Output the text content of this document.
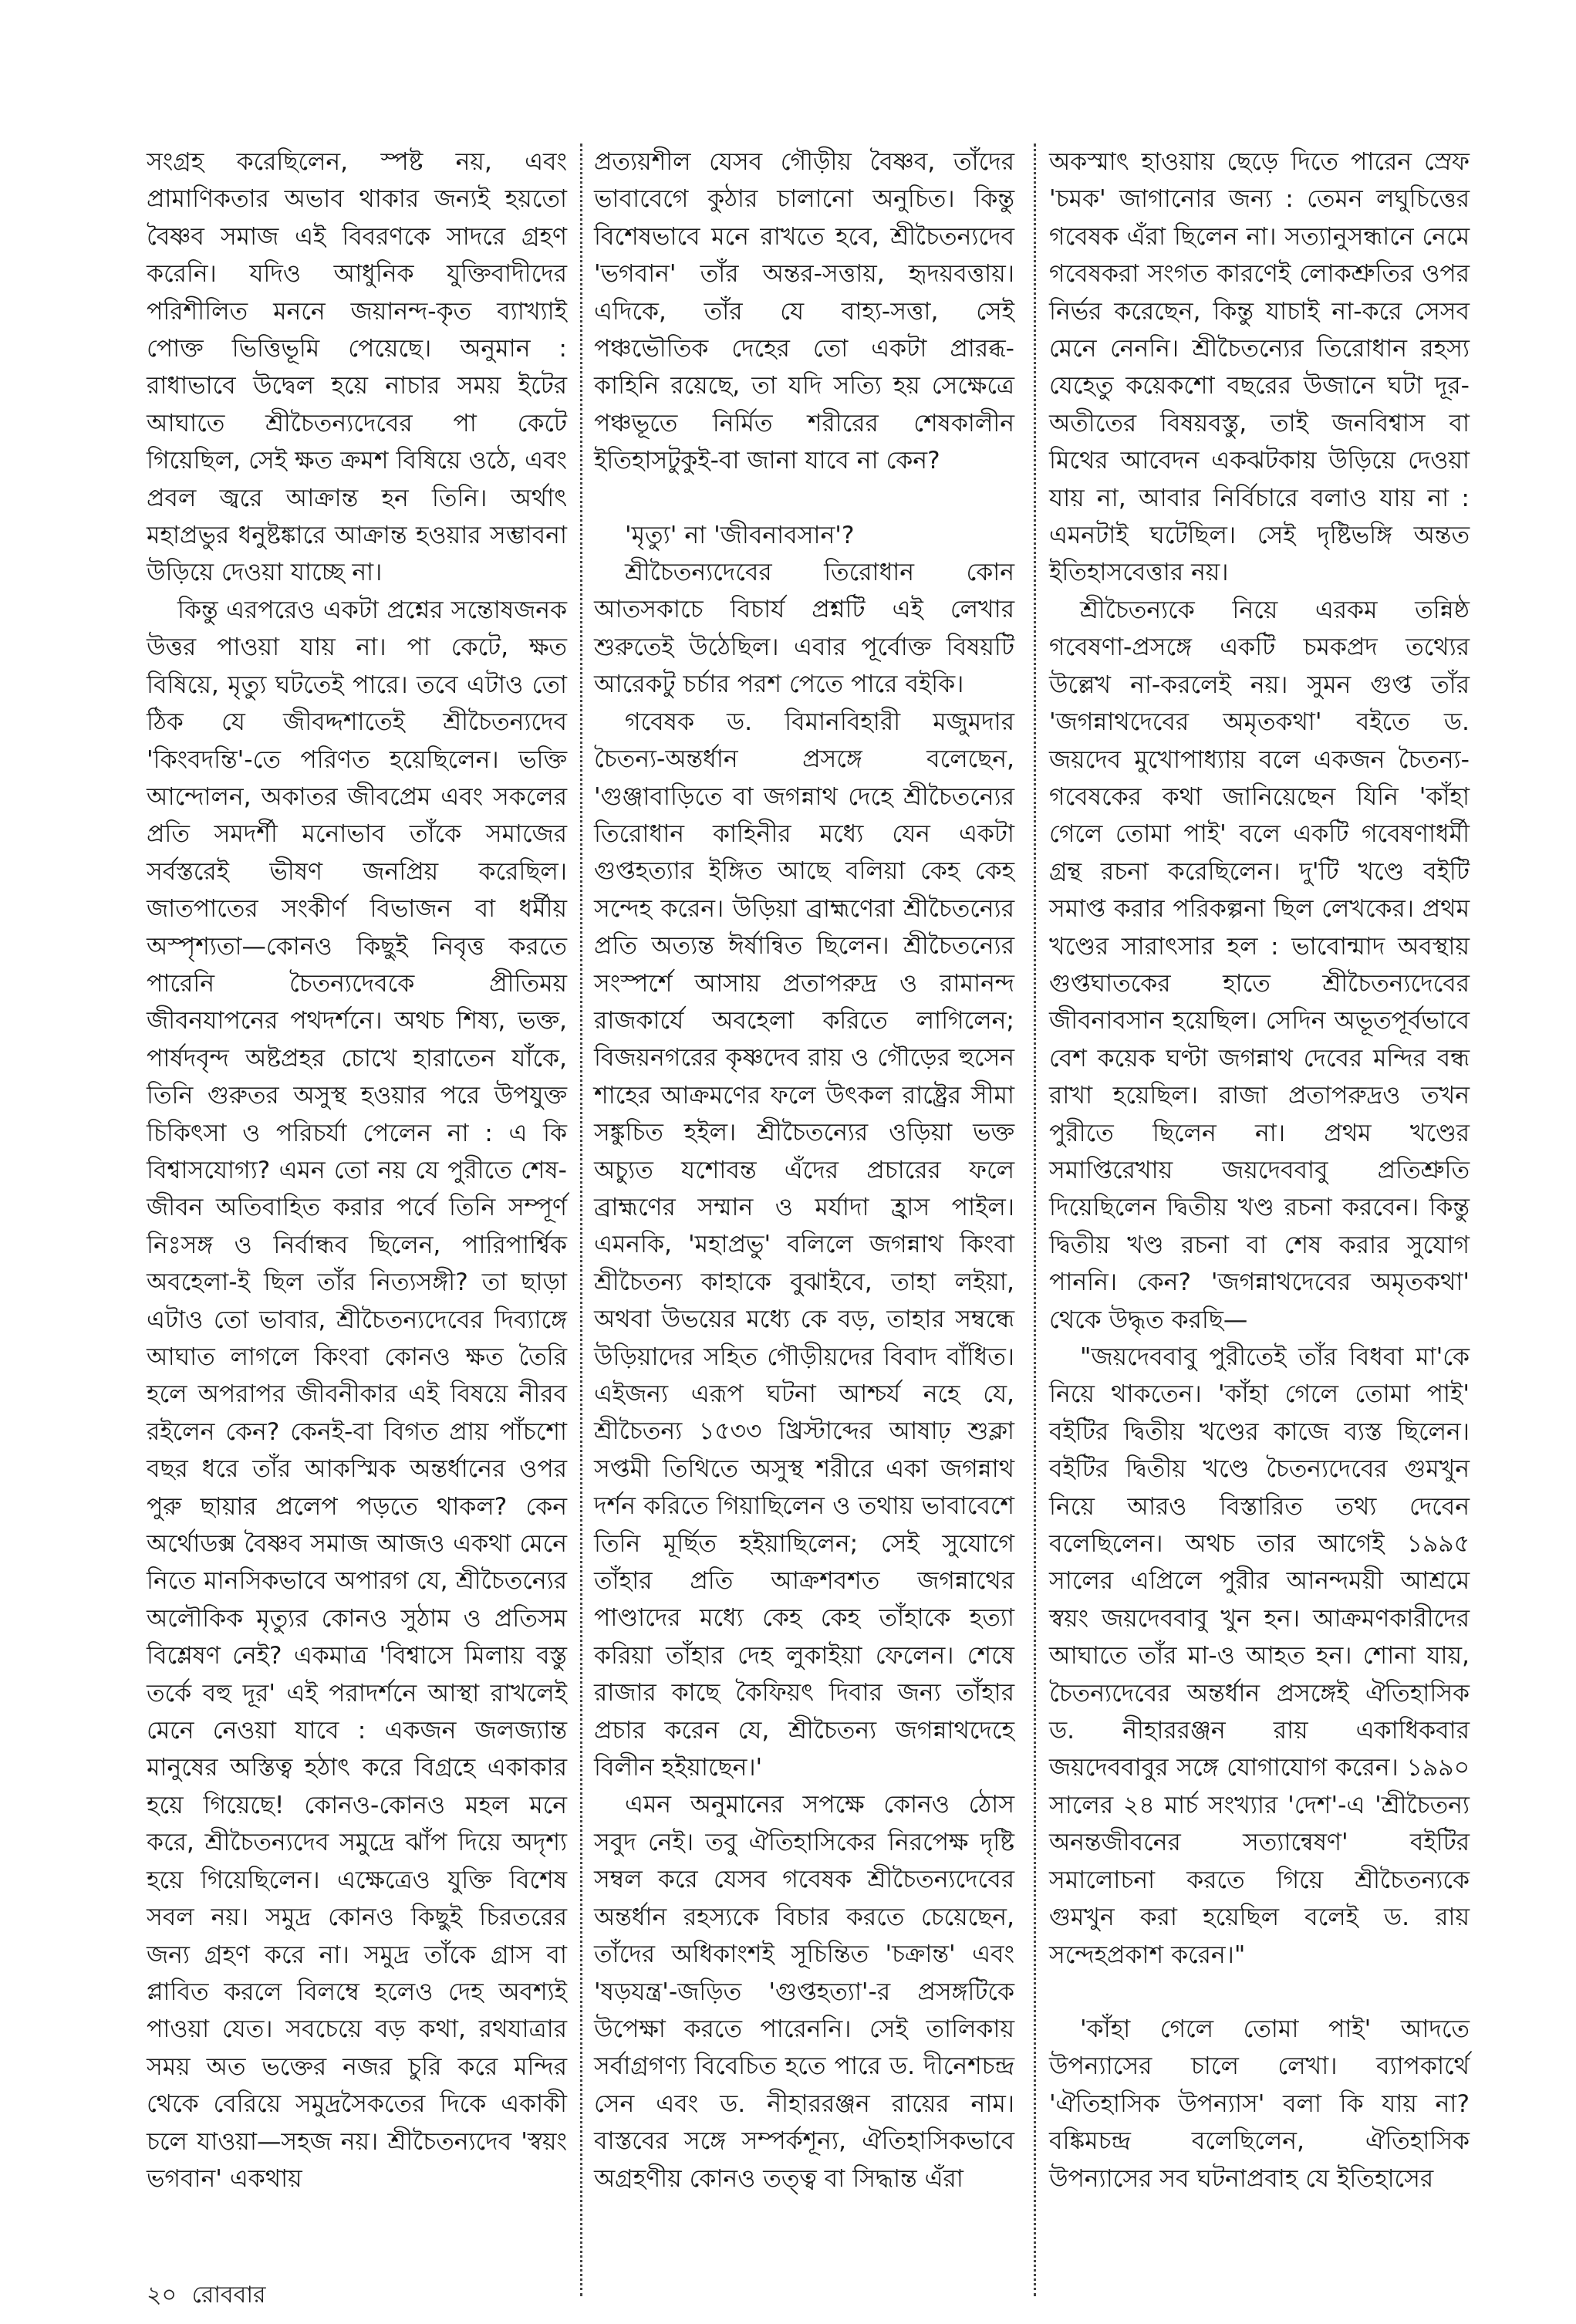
সংগ্রহ করেছিলেন, স্পষ্ট নয়, এবং প্রামাণিকতার অভাব থাকার জন্যই হয়তো বৈষ্ণব সমাজ এই বিবরণকে সাদরে গ্রহণ করেনি। যদিও আধুনিক যুক্তিবাদীদের পরিশীলিত মননে জয়ানন্দ-কৃত ব্যাখ্যাই পোক্ত ভিত্তিভূমি পেয়েছে। অনুমান : রাধাভাবে উদ্বেল হয়ে নাচার সময় ইটের আঘাতে শ্রীচৈতন্যদেবের পা কেটে গিয়েছিল, সেই ক্ষত ক্রমশ বিষিয়ে ওঠে, এবং প্রবল জ্বরে আক্রান্ত হন তিনি। অর্থাৎ মহাপ্রভুর ধনুষ্টঙ্কারে আক্রান্ত হওয়ার সম্ভাবনা উড়িয়ে দেওয়া যাচ্ছে না।

কিন্তু এরপরেও একটা প্রশ্নের সন্তোষজনক উত্তর পাওয়া যায় না। পা কেটে, ক্ষত বিষিয়ে, মৃত্যু ঘটতেই পারে। তবে এটাও তো ঠিক যে জীবদ্দশাতেই শ্রীচৈতন্যদেব 'কিংবদন্তি'-তে পরিণত হয়েছিলেন। ভক্তি আন্দোলন, অকাতর জীবপ্রেম এবং সকলের প্রতি সমদর্শী মনোভাব তাঁকে সমাজের সর্বস্তরেই ভীষণ জনপ্রিয় করেছিল। জাতপাতের সংকীর্ণ বিভাজন বা ধর্মীয় অস্পৃশ্যতা—কোনও কিছুই নিবৃত্ত করতে পারেনি চৈতন্যদেবকে প্রীতিময় জীবনযাপনের পথদর্শনে। অথচ শিষ্য, ভক্ত, পার্ষদবৃন্দ অষ্টপ্রহর চোখে হারাতেন যাঁকে, তিনি গুরুতর অসুস্থ হওয়ার পরে উপযুক্ত চিকিৎসা ও পরিচর্যা পেলেন না : এ কি বিশ্বাসযোগ্য? এমন তো নয় যে পুরীতে শেষ-জীবন অতিবাহিত করার পর্বে তিনি সম্পূর্ণ নিঃসঙ্গ ও নির্বান্ধব ছিলেন, পারিপার্শ্বিক অবহেলা-ই ছিল তাঁর নিত্যসঙ্গী? তা ছাড়া এটাও তো ভাবার, শ্রীচৈতন্যদেবের দিব্যাঙ্গে আঘাত লাগলে কিংবা কোনও ক্ষত তৈরি হলে অপরাপর জীবনীকার এই বিষয়ে নীরব রইলেন কেন? কেনই-বা বিগত প্রায় পাঁচশো বছর ধরে তাঁর আকস্মিক অন্তর্ধানের ওপর পুরু ছায়ার প্রলেপ পড়তে থাকল? কেন অর্থোডক্স বৈষ্ণব সমাজ আজও একথা মেনে নিতে মানসিকভাবে অপারগ যে, শ্রীচৈতন্যের অলৌকিক মৃত্যুর কোনও সুঠাম ও প্রতিসম বিশ্লেষণ নেই? একমাত্র 'বিশ্বাসে মিলায় বস্তু তর্কে বহু দূর' এই পরাদর্শনে আস্থা রাখলেই মেনে নেওয়া যাবে : একজন জলজ্যান্ত মানুষের অস্তিত্ব হঠাৎ করে বিগ্রহে একাকার হয়ে গিয়েছে! কোনও-কোনও মহল মনে করে, শ্রীচৈতন্যদেব সমুদ্রে ঝাঁপ দিয়ে অদৃশ্য হয়ে গিয়েছিলেন। এক্ষেত্রেও যুক্তি বিশেষ সবল নয়। সমুদ্র কোনও কিছুই চিরতরের জন্য গ্রহণ করে না। সমুদ্র তাঁকে গ্রাস বা প্লাবিত করলে বিলম্বে হলেও দেহ অবশ্যই পাওয়া যেত। সবচেয়ে বড় কথা, রথযাত্রার সময় অত ভক্তের নজর চুরি করে মন্দির থেকে বেরিয়ে সমুদ্রসৈকতের দিকে একাকী চলে যাওয়া—সহজ নয়। শ্রীচৈতন্যদেব 'স্বয়ং ভগবান' একথায়

প্রত্যয়শীল যেসব গৌড়ীয় বৈষ্ণব, তাঁদের ভাবাবেগে কুঠার চালানো অনুচিত। কিন্তু বিশেষভাবে মনে রাখতে হবে, শ্রীচৈতন্যদেব 'ভগবান' তাঁর অন্তর-সত্তায়, হৃদয়বত্তায়। এদিকে, তাঁর যে বাহ্য-সত্তা, সেই পঞ্চভৌতিক দেহের তো একটা প্রারব্ধ-কাহিনি রয়েছে, তা যদি সত্যি হয় সেক্ষেত্রে পঞ্চভূতে নির্মিত শরীরের শেষকালীন ইতিহাসটুকুই-বা জানা যাবে না কেন?

'মৃত্যু' না 'জীবনাবসান'?

শ্রীচৈতন্যদেবের তিরোধান কোন আতসকাচে বিচার্য প্রশ্নটি এই লেখার শুরুতেই উঠেছিল। এবার পূর্বোক্ত বিষয়টি আরেকটু চর্চার পরশ পেতে পারে বইকি।

গবেষক ড. বিমানবিহারী মজুমদার চৈতন্য-অন্তর্ধান প্রসঙ্গে বলেছেন, 'গুঞ্জাবাড়িতে বা জগন্নাথ দেহে শ্রীচৈতন্যের তিরোধান কাহিনীর মধ্যে যেন একটা গুপ্তহত্যার ইঙ্গিত আছে বলিয়া কেহ কেহ সন্দেহ করেন। উড়িয়া ব্রাহ্মণেরা শ্রীচৈতন্যের প্রতি অত্যন্ত ঈর্ষান্বিত ছিলেন। শ্রীচৈতন্যের সংস্পর্শে আসায় প্রতাপরুদ্র ও রামানন্দ রাজকার্যে অবহেলা করিতে লাগিলেন; বিজয়নগরের কৃষ্ণদেব রায় ও গৌড়ের হুসেন শাহের আক্রমণের ফলে উৎকল রাষ্ট্রের সীমা সঙ্কুচিত হইল। শ্রীচৈতন্যের ওড়িয়া ভক্ত অচ্যুত যশোবন্ত এঁদের প্রচারের ফলে ব্রাহ্মণের সম্মান ও মর্যাদা হ্রাস পাইল। এমনকি, 'মহাপ্রভু' বলিলে জগন্নাথ কিংবা শ্রীচৈতন্য কাহাকে বুঝাইবে, তাহা লইয়া, অথবা উভয়ের মধ্যে কে বড়, তাহার সম্বন্ধে উড়িয়াদের সহিত গৌড়ীয়দের বিবাদ বাঁধিত। এইজন্য এরূপ ঘটনা আশ্চর্য নহে যে, শ্রীচৈতন্য ১৫৩৩ খ্রিস্টাব্দের আষাঢ় শুক্লা সপ্তমী তিথিতে অসুস্থ শরীরে একা জগন্নাথ দর্শন করিতে গিয়াছিলেন ও তথায় ভাবাবেশে তিনি মূর্ছিত হইয়াছিলেন; সেই সুযোগে তাঁহার প্রতি আক্রশবশত জগন্নাথের পাণ্ডাদের মধ্যে কেহ কেহ তাঁহাকে হত্যা করিয়া তাঁহার দেহ লুকাইয়া ফেলেন। শেষে রাজার কাছে কৈফিয়ৎ দিবার জন্য তাঁহার প্রচার করেন যে, শ্রীচৈতন্য জগন্নাথদেহে বিলীন হইয়াছেন।'

এমন অনুমানের সপক্ষে কোনও ঠোস সবুদ নেই। তবু ঐতিহাসিকের নিরপেক্ষ দৃষ্টি সম্বল করে যেসব গবেষক শ্রীচৈতন্যদেবের অন্তর্ধান রহস্যকে বিচার করতে চেয়েছেন, তাঁদের অধিকাংশই সূচিন্তিত 'চক্রান্ত' এবং 'ষড়যন্ত্র'-জড়িত 'গুপ্তহত্যা'-র প্রসঙ্গটিকে উপেক্ষা করতে পারেননি। সেই তালিকায় সর্বাগ্রগণ্য বিবেচিত হতে পারে ড. দীনেশচন্দ্র সেন এবং ড. নীহাররঞ্জন রায়ের নাম। বাস্তবের সঙ্গে সম্পর্কশূন্য, ঐতিহাসিকভাবে অগ্রহণীয় কোনও তত্ত্ব বা সিদ্ধান্ত এঁরা

অকস্মাৎ হাওয়ায় ছেড়ে দিতে পারেন স্রেফ 'চমক' জাগানোর জন্য : তেমন লঘুচিত্তের গবেষক এঁরা ছিলেন না। সত্যানুসন্ধানে নেমে গবেষকরা সংগত কারণেই লোকশ্রুতির ওপর নির্ভর করেছেন, কিন্তু যাচাই না-করে সেসব মেনে নেননি। শ্রীচৈতন্যের তিরোধান রহস্য যেহেতু কয়েকশো বছরের উজানে ঘটা দূর-অতীতের বিষয়বস্তু, তাই জনবিশ্বাস বা মিথের আবেদন একঝটকায় উড়িয়ে দেওয়া যায় না, আবার নির্বিচারে বলাও যায় না : এমনটাই ঘটেছিল। সেই দৃষ্টিভঙ্গি অন্তত ইতিহাসবেত্তার নয়।

শ্রীচৈতন্যকে নিয়ে এরকম তন্নিষ্ঠ গবেষণা-প্রসঙ্গে একটি চমকপ্রদ তথ্যের উল্লেখ না-করলেই নয়। সুমন গুপ্ত তাঁর 'জগন্নাথদেবের অমৃতকথা' বইতে ড. জয়দেব মুখোপাধ্যায় বলে একজন চৈতন্য-গবেষকের কথা জানিয়েছেন যিনি 'কাঁহা গেলে তোমা পাই' বলে একটি গবেষণাধর্মী গ্রন্থ রচনা করেছিলেন। দু'টি খণ্ডে বইটি সমাপ্ত করার পরিকল্পনা ছিল লেখকের। প্রথম খণ্ডের সারাৎসার হল : ভাবোন্মাদ অবস্থায় গুপ্তঘাতকের হাতে শ্রীচৈতন্যদেবের জীবনাবসান হয়েছিল। সেদিন অভূতপূর্বভাবে বেশ কয়েক ঘণ্টা জগন্নাথ দেবের মন্দির বন্ধ রাখা হয়েছিল। রাজা প্রতাপরুদ্রও তখন পুরীতে ছিলেন না। প্রথম খণ্ডের সমাপ্তিরেখায় জয়দেববাবু প্রতিশ্রুতি দিয়েছিলেন দ্বিতীয় খণ্ড রচনা করবেন। কিন্তু দ্বিতীয় খণ্ড রচনা বা শেষ করার সুযোগ পাননি। কেন? 'জগন্নাথদেবের অমৃতকথা' থেকে উদ্ধৃত করছি—

"জয়দেববাবু পুরীতেই তাঁর বিধবা মা'কে নিয়ে থাকতেন। 'কাঁহা গেলে তোমা পাই' বইটির দ্বিতীয় খণ্ডের কাজে ব্যস্ত ছিলেন। বইটির দ্বিতীয় খণ্ডে চৈতন্যদেবের গুমখুন নিয়ে আরও বিস্তারিত তথ্য দেবেন বলেছিলেন। অথচ তার আগেই ১৯৯৫ সালের এপ্রিলে পুরীর আনন্দময়ী আশ্রমে স্বয়ং জয়দেববাবু খুন হন। আক্রমণকারীদের আঘাতে তাঁর মা-ও আহত হন। শোনা যায়, চৈতন্যদেবের অন্তর্ধান প্রসঙ্গেই ঐতিহাসিক ড. নীহাররঞ্জন রায় একাধিকবার জয়দেববাবুর সঙ্গে যোগাযোগ করেন। ১৯৯০ সালের ২৪ মার্চ সংখ্যার 'দেশ'-এ 'শ্রীচৈতন্য অনন্তজীবনের সত্যান্বেষণ' বইটির সমালোচনা করতে গিয়ে শ্রীচৈতন্যকে গুমখুন করা হয়েছিল বলেই ড. রায় সন্দেহপ্রকাশ করেন।"

'কাঁহা গেলে তোমা পাই' আদতে উপন্যাসের চালে লেখা। ব্যাপকার্থে 'ঐতিহাসিক উপন্যাস' বলা কি যায় না? বঙ্কিমচন্দ্র বলেছিলেন, ঐতিহাসিক উপন্যাসের সব ঘটনাপ্রবাহ যে ইতিহাসের

২০ রোববার
